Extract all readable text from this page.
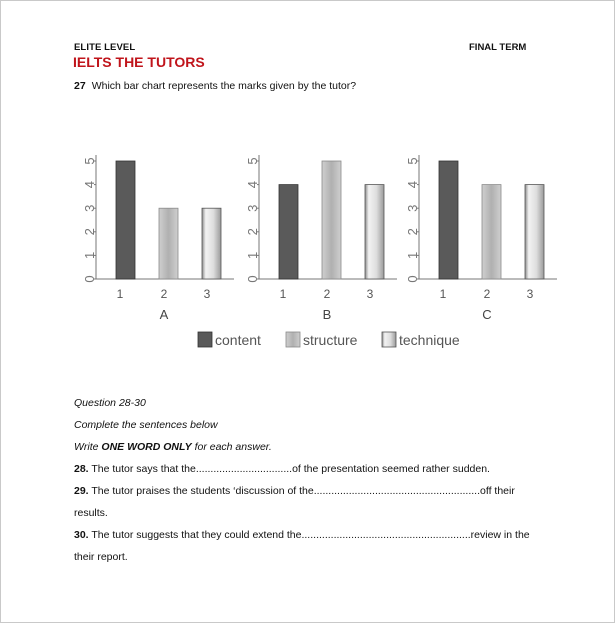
ELITE LEVEL	FINAL TERM
IELTS THE TUTORS
27 Which bar chart represents the marks given by the tutor?
0
1
2
3
4
5
1	2	3
A
0
1
2
3
4
5
1	2	3
B
0
1
2
3
4
5
1	2	3
C
content	structure	technique
Question 28-30
Complete the sentences below
Write ONE WORD ONLY for each answer.
28. The tutor says that the.................................of the presentation seemed rather sudden.
29. The tutor praises the students ‘discussion of the.........................................................off their
results.
30. The tutor suggests that they could extend the..........................................................review in the
their report.
